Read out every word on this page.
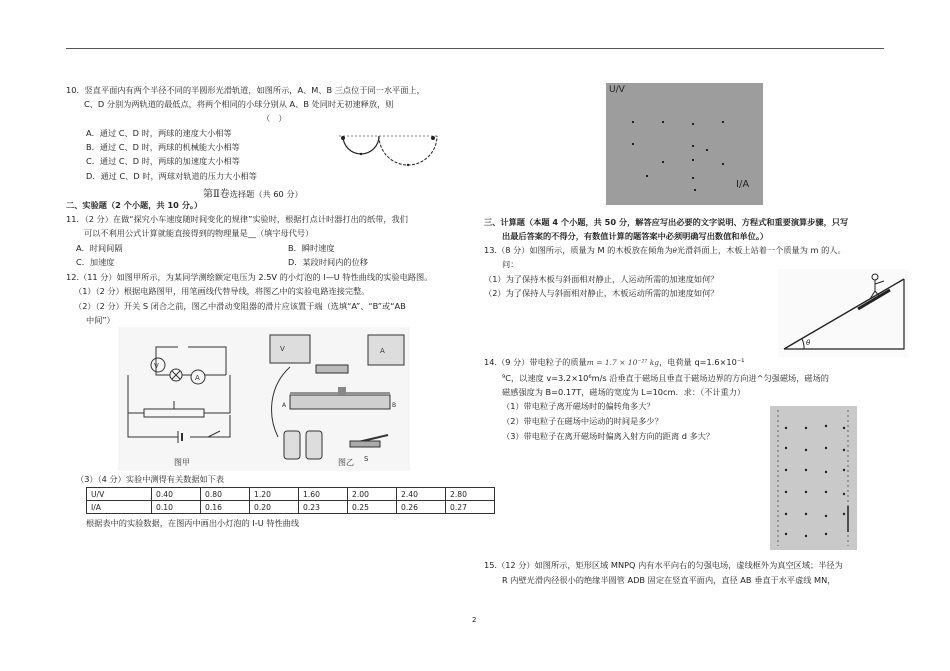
10．竖直平面内有两个半径不同的半圆形光滑轨道，如图所示，A、M、B 三点位于同一水平面上，
C、D 分别为两轨道的最低点，将两个相同的小球分别从 A、B 处同时无初速释放，则
（　）
A．通过 C、D 时，两球的速度大小相等
B．通过 C、D 时，两球的机械能大小相等
C．通过 C、D 时，两球的加速度大小相等
D．通过 C、D 时，两球对轨道的压力大小相等
第Ⅱ卷选择题（共 60 分）
二、实验题（2 个小题，共 10 分。）
11．（2 分）在做“探究小车速度随时间变化的规律”实验时，根据打点计时器打出的纸带，我们
可以不利用公式计算就能直接得到的物理量是__（填字母代号）
A．时间间隔	B．瞬时速度
C．加速度	D．某段时间内的位移
12.（11 分）如图甲所示，为某同学测绘额定电压为 2.5V 的小灯泡的 I—U 特性曲线的实验电路图。
（1）（2 分）根据电路图甲，用笔画线代替导线，将图乙中的实验电路连接完整。
（2）（2 分）开关 S 闭合之前，图乙中滑动变阻器的滑片应该置于端（选填“A”、“B”或“AB
中间”）
V
A
图甲
V	A
A	B
S
图乙
（3）（4 分）实验中测得有关数据如下表
U/V	0.40	0.80	1.20	1.60	2.00	2.40	2.80
I/A	0.10	0.16	0.20	0.23	0.25	0.26	0.27
根据表中的实验数据，在图丙中画出小灯泡的 I-U 特性曲线
U/V
I/A
三、计算题（本题 4 个小题，共 50 分，解答应写出必要的文字说明、方程式和重要演算步骤，只写
出最后答案的不得分，有数值计算的题答案中必须明确写出数值和单位。）
13.（8 分）如图所示，质量为 M 的木板放在倾角为θ光滑斜面上，木板上站着一个质量为 m 的人。
问：
（1）为了保持木板与斜面相对静止，人运动所需的加速度如何？
（2）为了保持人与斜面相对静止，木板运动所需的加速度如何？
θ
14.（9 分）带电粒子的质量m = 1.7 × 10⁻²⁷ kg，电荷量 q=1.6×10⁻¹
⁹C，以速度 v=3.2×10⁶m/s 沿垂直于磁场且垂直于磁场边界的方向进^匀强磁场，磁场的
磁感强度为 B=0.17T，磁场的宽度为 L=10cm．求：（不计重力）
（1）带电粒子离开磁场时的偏转角多大？
（2）带电粒子在磁场中运动的时间是多少？
（3）带电粒子在离开磁场时偏离入射方向的距离 d 多大？
15.（12 分）如图所示，矩形区域 MNPQ 内有水平向右的匀强电场，虚线框外为真空区域；半径为
R 内壁光滑内径很小的绝缘半圆管 ADB 固定在竖直平面内，直径 AB 垂直于水平虚线 MN，
2
